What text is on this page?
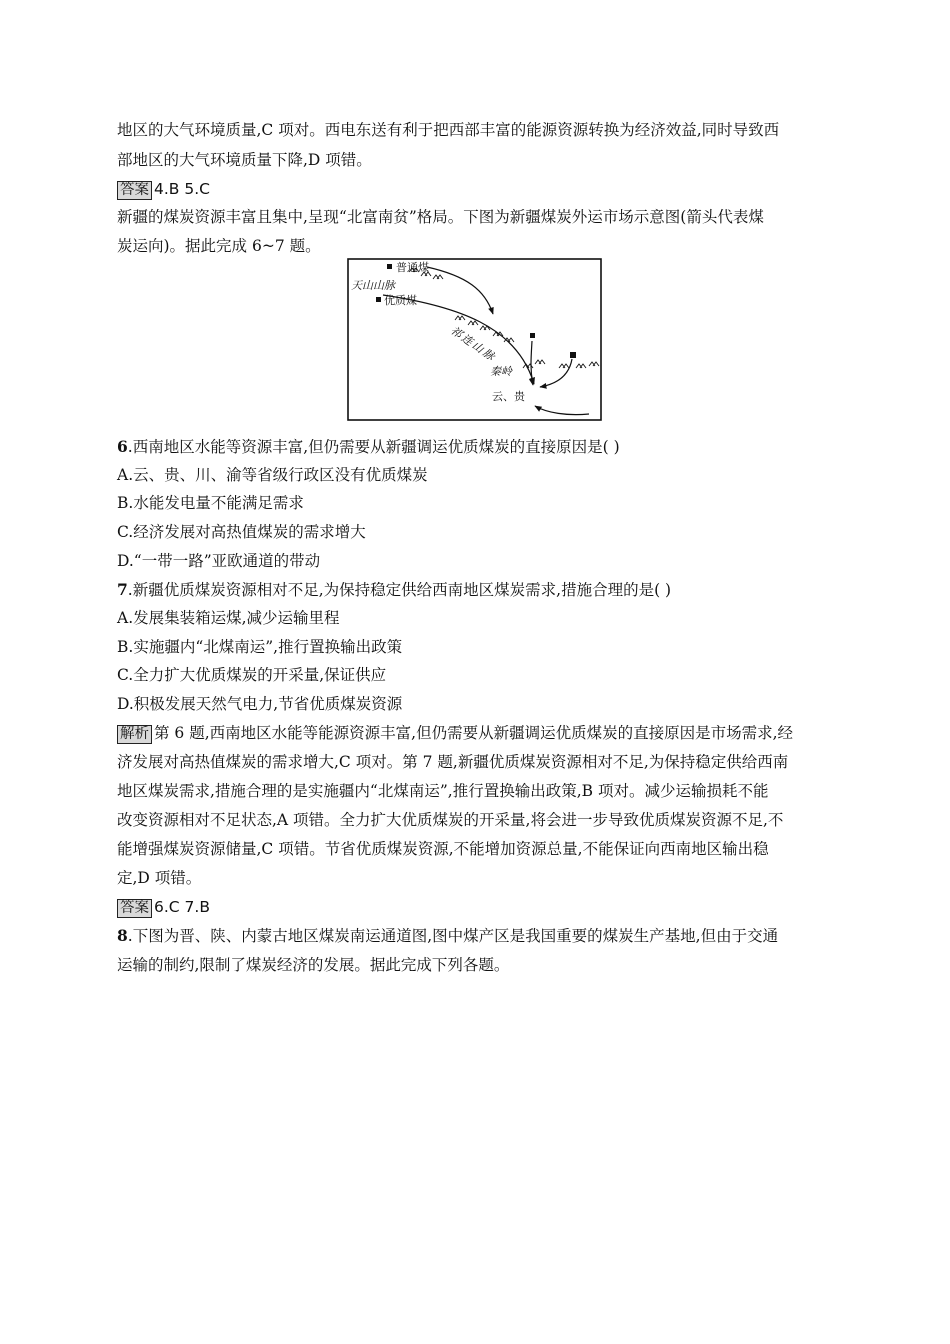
地区的大气环境质量,C 项对。西电东送有利于把西部丰富的能源资源转换为经济效益,同时导致西
部地区的大气环境质量下降,D 项错。
答案 4.B 5.C
新疆的煤炭资源丰富且集中,呈现“北富南贫”格局。下图为新疆煤炭外运市场示意图(箭头代表煤
炭运向)。据此完成 6~7 题。
普通煤
天山山脉
优质煤
秦岭
云、贵
祁连山脉
6.西南地区水能等资源丰富,但仍需要从新疆调运优质煤炭的直接原因是( )
A.云、贵、川、渝等省级行政区没有优质煤炭
B.水能发电量不能满足需求
C.经济发展对高热值煤炭的需求增大
D.“一带一路”亚欧通道的带动
7.新疆优质煤炭资源相对不足,为保持稳定供给西南地区煤炭需求,措施合理的是( )
A.发展集装箱运煤,减少运输里程
B.实施疆内“北煤南运”,推行置换输出政策
C.全力扩大优质煤炭的开采量,保证供应
D.积极发展天然气电力,节省优质煤炭资源
解析 第 6 题,西南地区水能等能源资源丰富,但仍需要从新疆调运优质煤炭的直接原因是市场需求,经
济发展对高热值煤炭的需求增大,C 项对。第 7 题,新疆优质煤炭资源相对不足,为保持稳定供给西南
地区煤炭需求,措施合理的是实施疆内“北煤南运”,推行置换输出政策,B 项对。减少运输损耗不能
改变资源相对不足状态,A 项错。全力扩大优质煤炭的开采量,将会进一步导致优质煤炭资源不足,不
能增强煤炭资源储量,C 项错。节省优质煤炭资源,不能增加资源总量,不能保证向西南地区输出稳
定,D 项错。
答案 6.C 7.B
8.下图为晋、陕、内蒙古地区煤炭南运通道图,图中煤产区是我国重要的煤炭生产基地,但由于交通
运输的制约,限制了煤炭经济的发展。据此完成下列各题。
